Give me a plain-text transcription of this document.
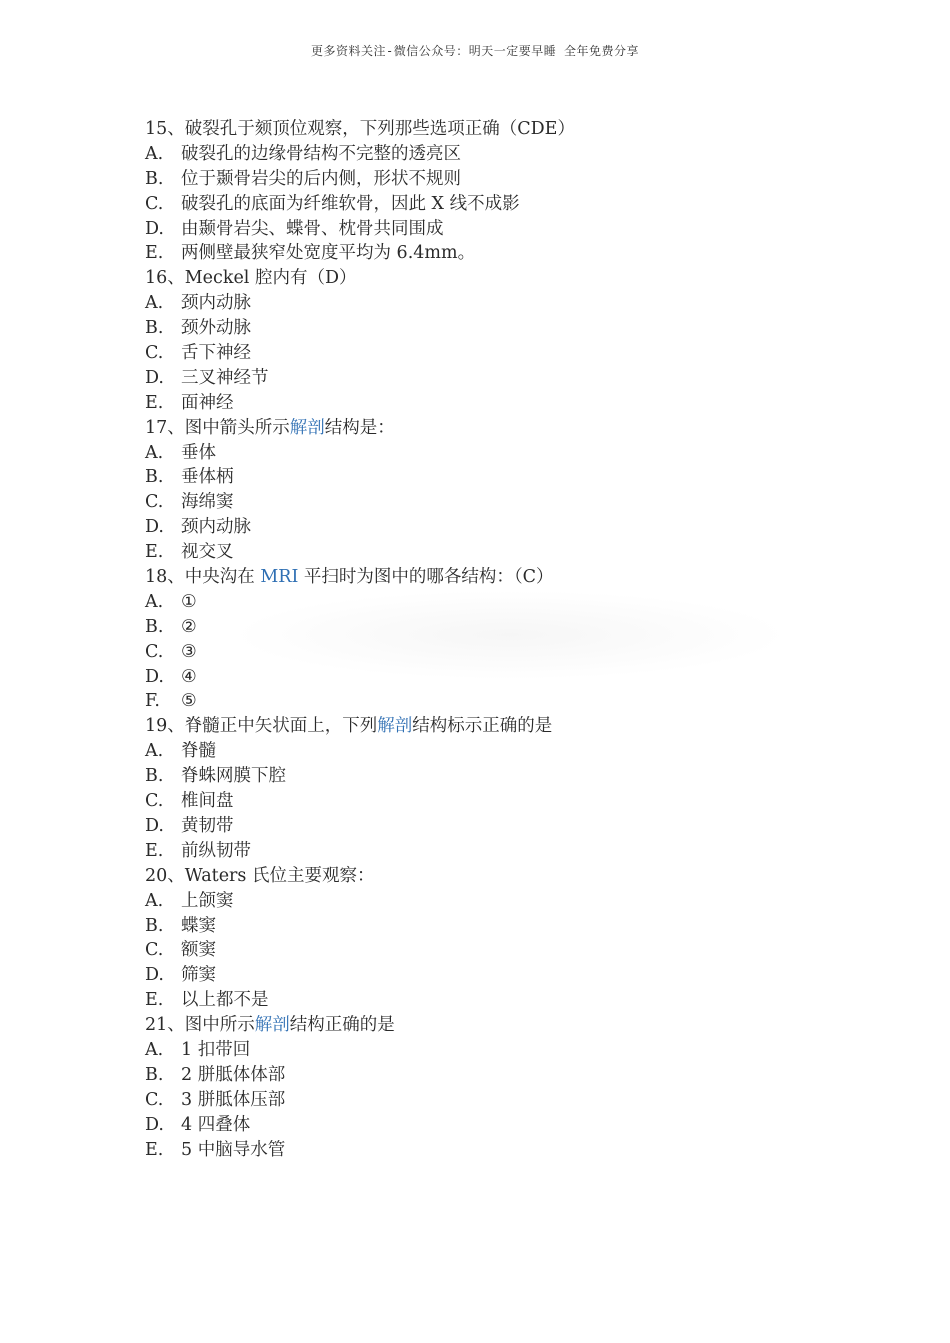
更多资料关注-微信公众号：明天一定要早睡 全年免费分享
15、破裂孔于颏顶位观察，下列那些选项正确（CDE）
A. 破裂孔的边缘骨结构不完整的透亮区
B. 位于颞骨岩尖的后内侧，形状不规则
C. 破裂孔的底面为纤维软骨，因此 X 线不成影
D. 由颞骨岩尖、蝶骨、枕骨共同围成
E. 两侧壁最狭窄处宽度平均为 6.4mm。
16、Meckel 腔内有（D）
A. 颈内动脉
B. 颈外动脉
C. 舌下神经
D. 三叉神经节
E. 面神经
17、图中箭头所示解剖结构是：
A. 垂体
B. 垂体柄
C. 海绵窦
D. 颈内动脉
E. 视交叉
18、中央沟在 MRI 平扫时为图中的哪各结构：（C）
A. ①
B. ②
C. ③
D. ④
F. ⑤
19、脊髓正中矢状面上，下列解剖结构标示正确的是
A. 脊髓
B. 脊蛛网膜下腔
C. 椎间盘
D. 黄韧带
E. 前纵韧带
20、Waters 氏位主要观察：
A. 上颌窦
B. 蝶窦
C. 额窦
D. 筛窦
E. 以上都不是
21、图中所示解剖结构正确的是
A. 1 扣带回
B. 2 胼胝体体部
C. 3 胼胝体压部
D. 4 四叠体
E. 5 中脑导水管
